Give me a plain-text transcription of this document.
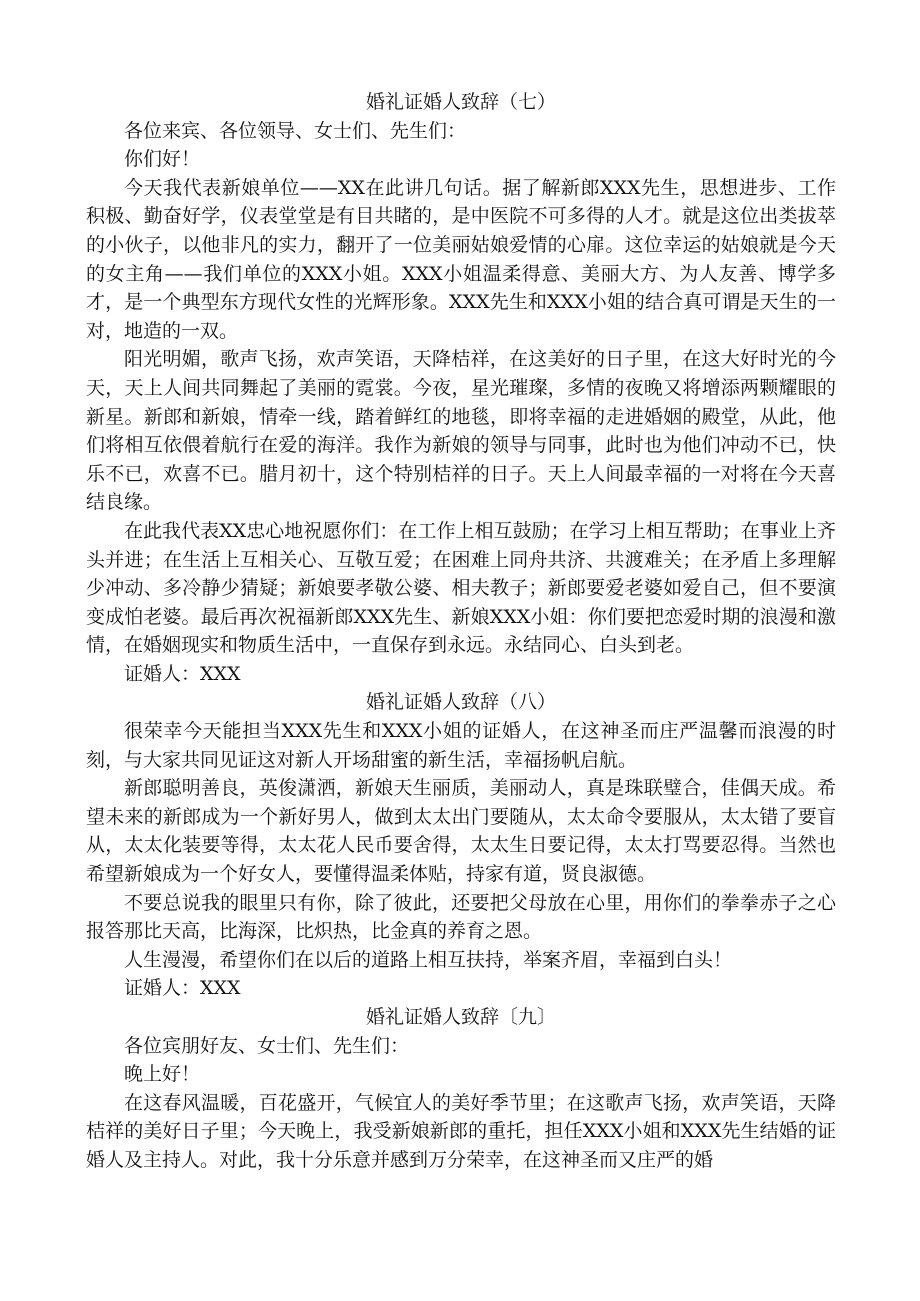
婚礼证婚人致辞（七）
各位来宾、各位领导、女士们、先生们：
你们好！
今天我代表新娘单位——XX在此讲几句话。据了解新郎XXX先生，思想进步、工作积极、勤奋好学，仪表堂堂是有目共睹的，是中医院不可多得的人才。就是这位出类拔萃的小伙子，以他非凡的实力，翻开了一位美丽姑娘爱情的心扉。这位幸运的姑娘就是今天的女主角——我们单位的XXX小姐。XXX小姐温柔得意、美丽大方、为人友善、博学多才，是一个典型东方现代女性的光辉形象。XXX先生和XXX小姐的结合真可谓是天生的一对，地造的一双。
阳光明媚，歌声飞扬，欢声笑语，天降桔祥，在这美好的日子里，在这大好时光的今天，天上人间共同舞起了美丽的霓裳。今夜，星光璀璨，多情的夜晚又将增添两颗耀眼的新星。新郎和新娘，情牵一线，踏着鲜红的地毯，即将幸福的走进婚姻的殿堂，从此，他们将相互依偎着航行在爱的海洋。我作为新娘的领导与同事，此时也为他们冲动不已，快乐不已，欢喜不已。腊月初十，这个特别桔祥的日子。天上人间最幸福的一对将在今天喜结良缘。
在此我代表XX忠心地祝愿你们：在工作上相互鼓励；在学习上相互帮助；在事业上齐头并进；在生活上互相关心、互敬互爱；在困难上同舟共济、共渡难关；在矛盾上多理解少冲动、多冷静少猜疑；新娘要孝敬公婆、相夫教子；新郎要爱老婆如爱自己，但不要演变成怕老婆。最后再次祝福新郎XXX先生、新娘XXX小姐：你们要把恋爱时期的浪漫和激情，在婚姻现实和物质生活中，一直保存到永远。永结同心、白头到老。
证婚人：XXX
婚礼证婚人致辞（八）
很荣幸今天能担当XXX先生和XXX小姐的证婚人，在这神圣而庄严温馨而浪漫的时刻，与大家共同见证这对新人开场甜蜜的新生活，幸福扬帆启航。
新郎聪明善良，英俊潇洒，新娘天生丽质，美丽动人，真是珠联璧合，佳偶天成。希望未来的新郎成为一个新好男人，做到太太出门要随从，太太命令要服从，太太错了要盲从，太太化装要等得，太太花人民币要舍得，太太生日要记得，太太打骂要忍得。当然也希望新娘成为一个好女人，要懂得温柔体贴，持家有道，贤良淑德。
不要总说我的眼里只有你，除了彼此，还要把父母放在心里，用你们的拳拳赤子之心报答那比天高，比海深，比炽热，比金真的养育之恩。
人生漫漫，希望你们在以后的道路上相互扶持，举案齐眉，幸福到白头！
证婚人：XXX
婚礼证婚人致辞〔九〕
各位宾朋好友、女士们、先生们：
晚上好！
在这春风温暖，百花盛开，气候宜人的美好季节里；在这歌声飞扬，欢声笑语，天降桔祥的美好日子里；今天晚上，我受新娘新郎的重托，担任XXX小姐和XXX先生结婚的证婚人及主持人。对此，我十分乐意并感到万分荣幸，在这神圣而又庄严的婚
